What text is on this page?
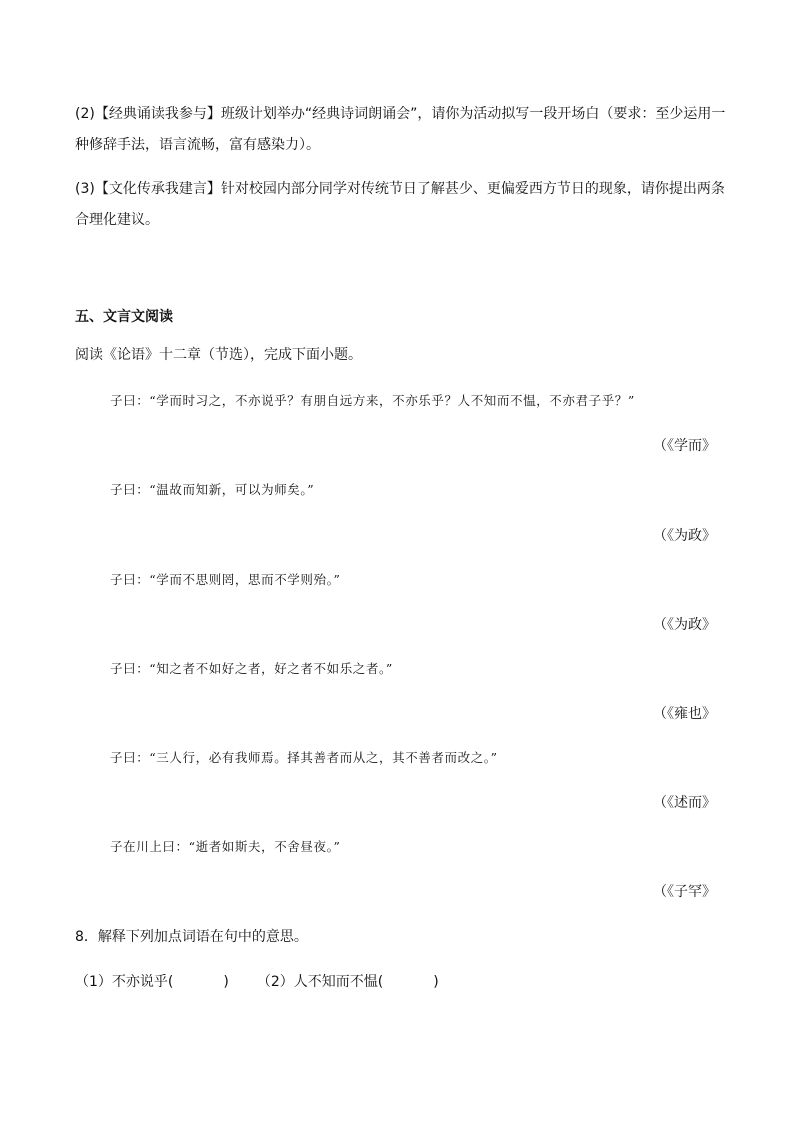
(2)【经典诵读我参与】班级计划举办“经典诗词朗诵会”，请你为活动拟写一段开场白（要求：至少运用一
种修辞手法，语言流畅，富有感染力）。
(3)【文化传承我建言】针对校园内部分同学对传统节日了解甚少、更偏爱西方节日的现象，请你提出两条
合理化建议。
五、文言文阅读
阅读《论语》十二章（节选），完成下面小题。
子曰：“学而时习之，不亦说乎？有朋自远方来，不亦乐乎？人不知而不愠，不亦君子乎？”
（《学而》
子曰：“温故而知新，可以为师矣。”
（《为政》
子曰：“学而不思则罔，思而不学则殆。”
（《为政》
子曰：“知之者不如好之者，好之者不如乐之者。”
（《雍也》
子曰：“三人行，必有我师焉。择其善者而从之，其不善者而改之。”
（《述而》
子在川上曰：“逝者如斯夫，不舍昼夜。”
（《子罕》
8．解释下列加点词语在句中的意思。
（1）不亦说乎(	) （2）人不知而不愠(	)
